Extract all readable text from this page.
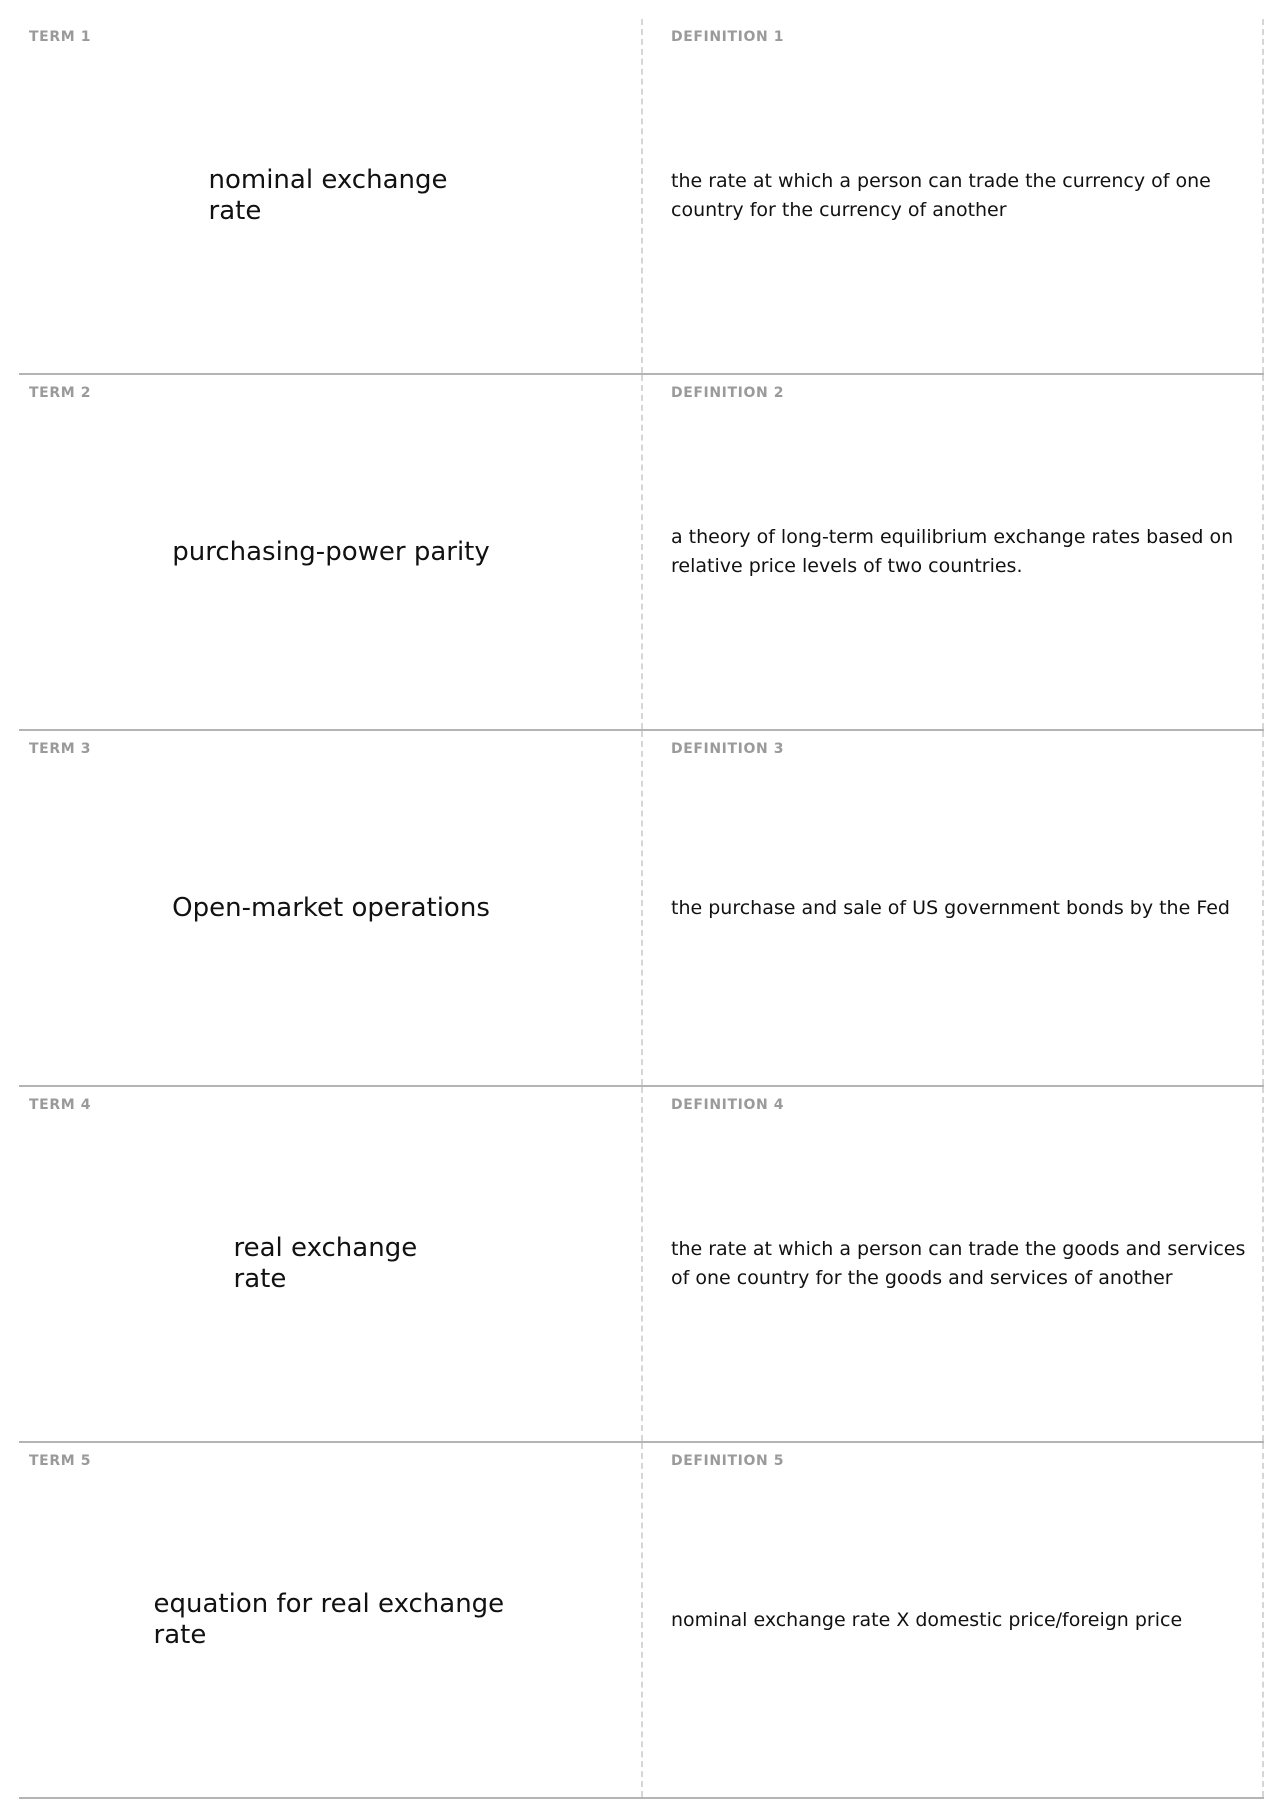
TERM 1
nominal exchange rate
DEFINITION 1
the rate at which a person can trade the currency of one country for the currency of another
TERM 2
purchasing-power parity
DEFINITION 2
a theory of long-term equilibrium exchange rates based on relative price levels of two countries.
TERM 3
Open-market operations
DEFINITION 3
the purchase and sale of US government bonds by the Fed
TERM 4
real exchange rate
DEFINITION 4
the rate at which a person can trade the goods and services of one country for the goods and services of another
TERM 5
equation for real exchange rate
DEFINITION 5
nominal exchange rate X domestic price/foreign price
